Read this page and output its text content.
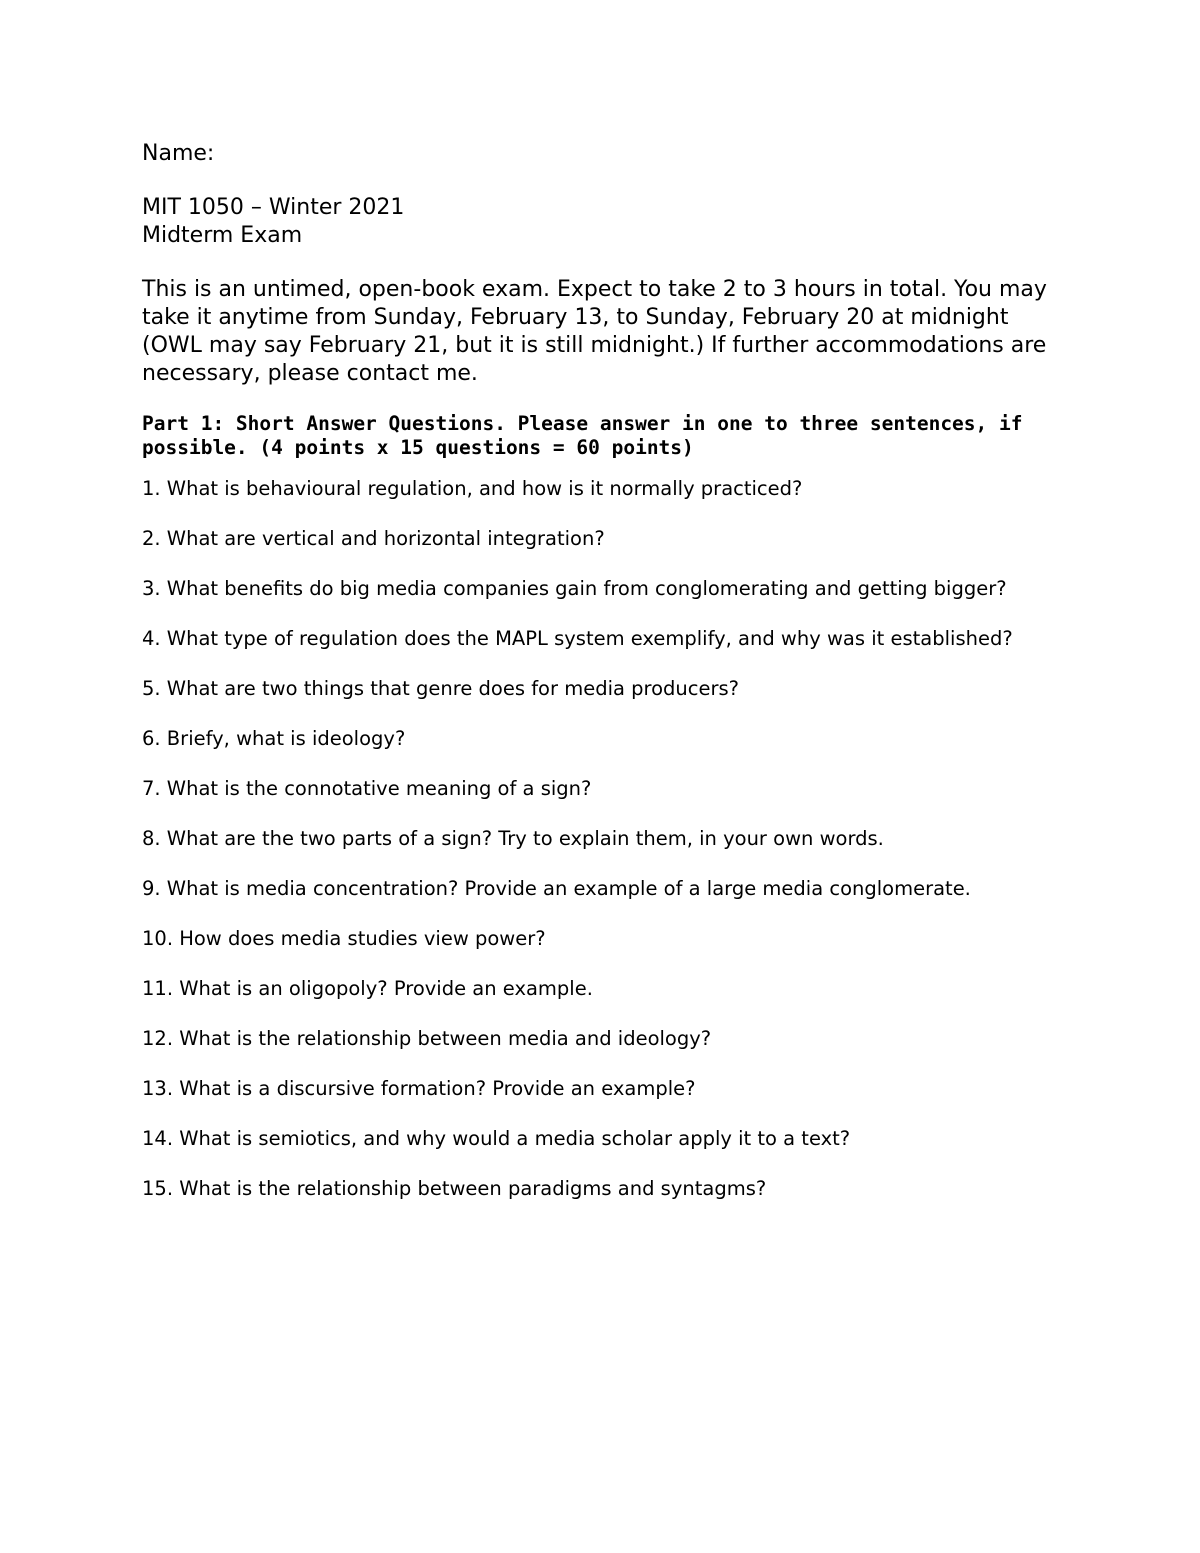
Name:

MIT 1050 – Winter 2021

Midterm Exam

This is an untimed, open-book exam. Expect to take 2 to 3 hours in total. You may take it anytime from Sunday, February 13, to Sunday, February 20 at midnight (OWL may say February 21, but it is still midnight.) If further accommodations are necessary, please contact me.

Part 1: Short Answer Questions. Please answer in one to three sentences, if possible. (4 points x 15 questions = 60 points)

1. What is behavioural regulation, and how is it normally practiced?
2. What are vertical and horizontal integration?
3. What benefits do big media companies gain from conglomerating and getting bigger?
4. What type of regulation does the MAPL system exemplify, and why was it established?
5. What are two things that genre does for media producers?
6. Briefy, what is ideology?
7. What is the connotative meaning of a sign?
8. What are the two parts of a sign? Try to explain them, in your own words.
9. What is media concentration? Provide an example of a large media conglomerate.
10. How does media studies view power?
11. What is an oligopoly? Provide an example.
12. What is the relationship between media and ideology?
13. What is a discursive formation? Provide an example?
14. What is semiotics, and why would a media scholar apply it to a text?
15. What is the relationship between paradigms and syntagms?
